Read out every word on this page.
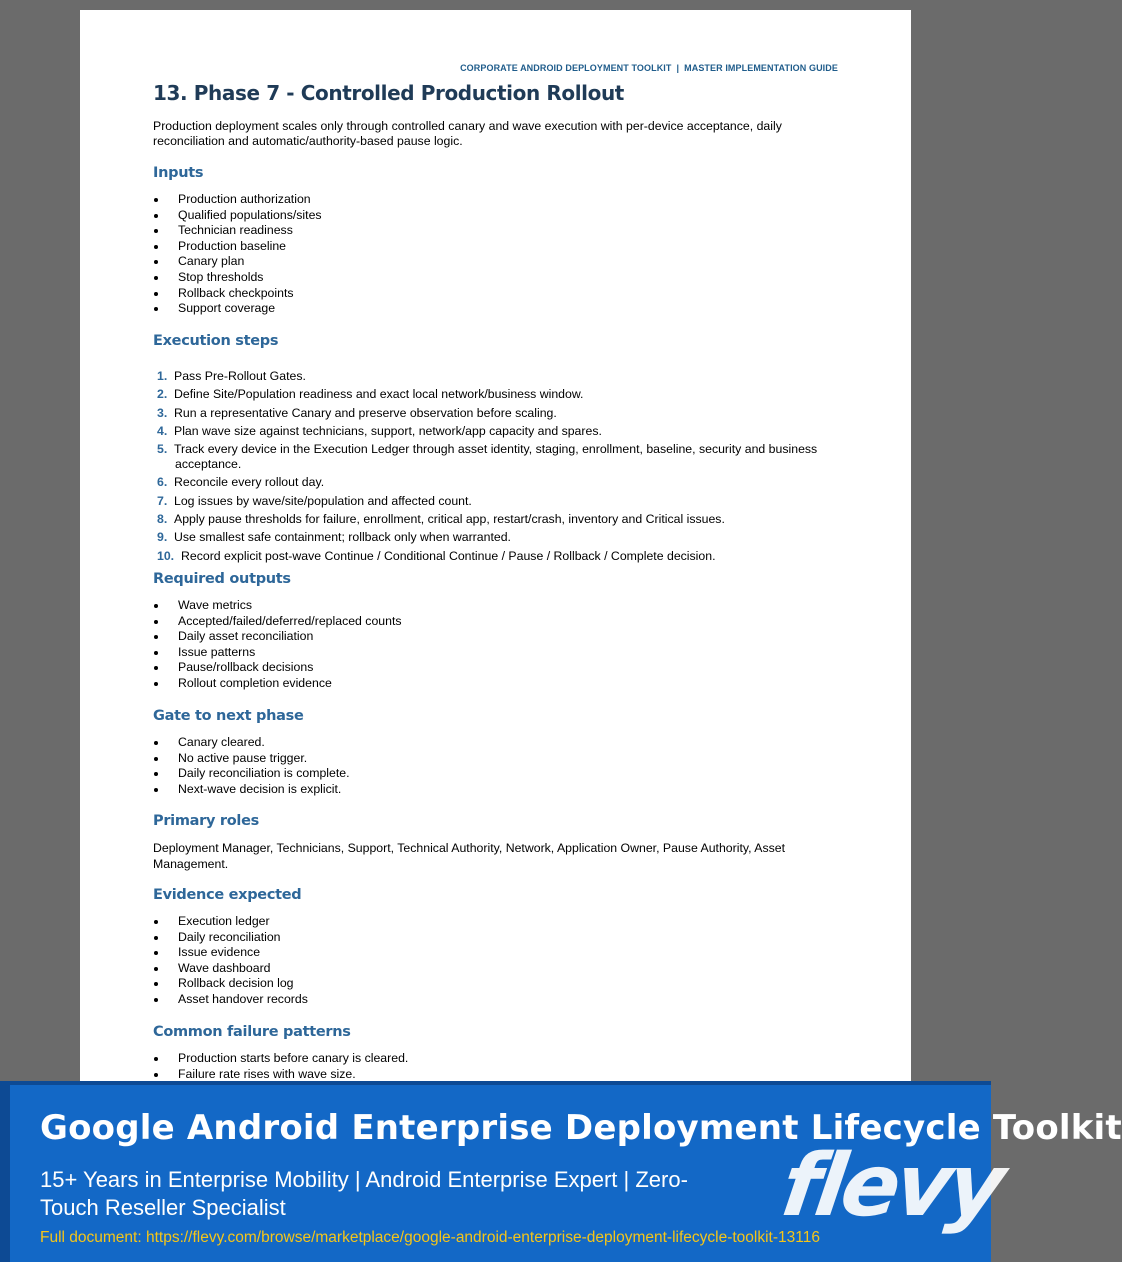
CORPORATE ANDROID DEPLOYMENT TOOLKIT | MASTER IMPLEMENTATION GUIDE
13. Phase 7 - Controlled Production Rollout
Production deployment scales only through controlled canary and wave execution with per-device acceptance, daily reconciliation and automatic/authority-based pause logic.
Inputs
Production authorization
Qualified populations/sites
Technician readiness
Production baseline
Canary plan
Stop thresholds
Rollback checkpoints
Support coverage
Execution steps
1. Pass Pre-Rollout Gates.
2. Define Site/Population readiness and exact local network/business window.
3. Run a representative Canary and preserve observation before scaling.
4. Plan wave size against technicians, support, network/app capacity and spares.
5. Track every device in the Execution Ledger through asset identity, staging, enrollment, baseline, security and business
acceptance.
6. Reconcile every rollout day.
7. Log issues by wave/site/population and affected count.
8. Apply pause thresholds for failure, enrollment, critical app, restart/crash, inventory and Critical issues.
9. Use smallest safe containment; rollback only when warranted.
10. Record explicit post-wave Continue / Conditional Continue / Pause / Rollback / Complete decision.
Required outputs
Wave metrics
Accepted/failed/deferred/replaced counts
Daily asset reconciliation
Issue patterns
Pause/rollback decisions
Rollout completion evidence
Gate to next phase
Canary cleared.
No active pause trigger.
Daily reconciliation is complete.
Next-wave decision is explicit.
Primary roles
Deployment Manager, Technicians, Support, Technical Authority, Network, Application Owner, Pause Authority, Asset Management.
Evidence expected
Execution ledger
Daily reconciliation
Issue evidence
Wave dashboard
Rollback decision log
Asset handover records
Common failure patterns
Production starts before canary is cleared.
Failure rate rises with wave size.
Google Android Enterprise Deployment Lifecycle Toolkit
15+ Years in Enterprise Mobility | Android Enterprise Expert | Zero-Touch Reseller Specialist	flevy
Full document: https://flevy.com/browse/marketplace/google-android-enterprise-deployment-lifecycle-toolkit-13116
